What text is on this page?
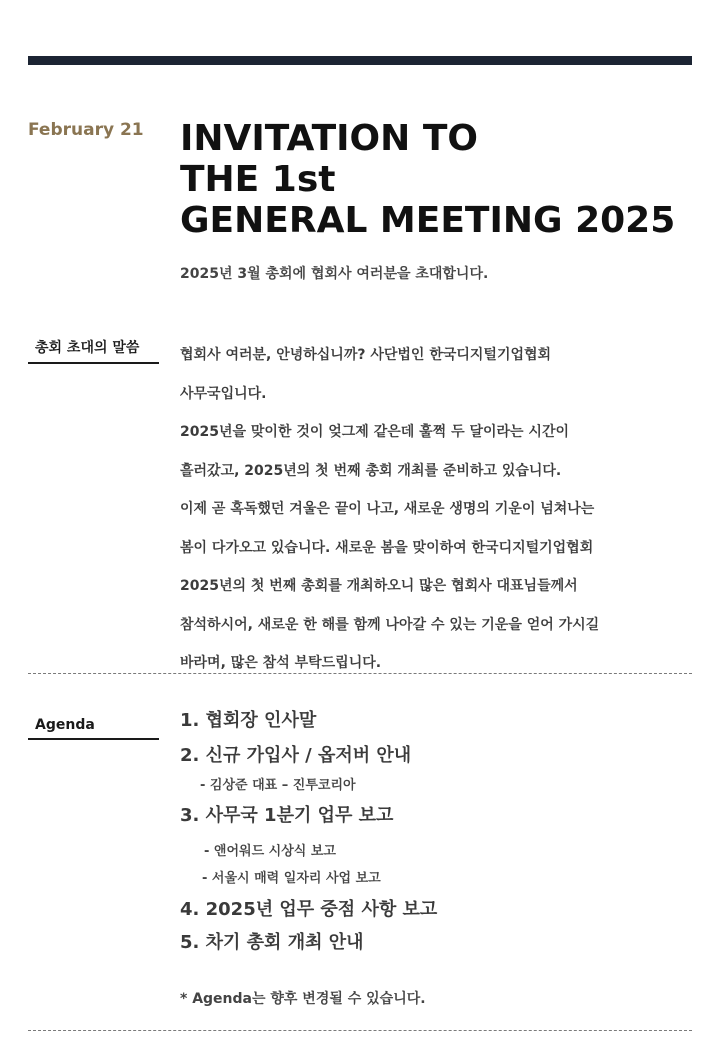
February 21 INVITATION TO
THE 1st
GENERAL MEETING 2025
2025년 3월 총회에 협회사 여러분을 초대합니다.
총회 초대의 말씀	협회사 여러분, 안녕하십니까? 사단법인 한국디지털기업협회
사무국입니다.
2025년을 맞이한 것이 엊그제 같은데 훌쩍 두 달이라는 시간이
흘러갔고, 2025년의 첫 번째 총회 개최를 준비하고 있습니다.
이제 곧 혹독했던 겨울은 끝이 나고, 새로운 생명의 기운이 넘쳐나는
봄이 다가오고 있습니다. 새로운 봄을 맞이하여 한국디지털기업협회
2025년의 첫 번째 총회를 개최하오니 많은 협회사 대표님들께서
참석하시어, 새로운 한 해를 함께 나아갈 수 있는 기운을 얻어 가시길
바라며, 많은 참석 부탁드립니다.
Agenda	1. 협회장 인사말
2. 신규 가입사 / 옵저버 안내
- 김상준 대표 – 진투코리아
3. 사무국 1분기 업무 보고
- 앤어워드 시상식 보고
- 서울시 매력 일자리 사업 보고
4. 2025년 업무 중점 사항 보고
5. 차기 총회 개최 안내
* Agenda는 향후 변경될 수 있습니다.
